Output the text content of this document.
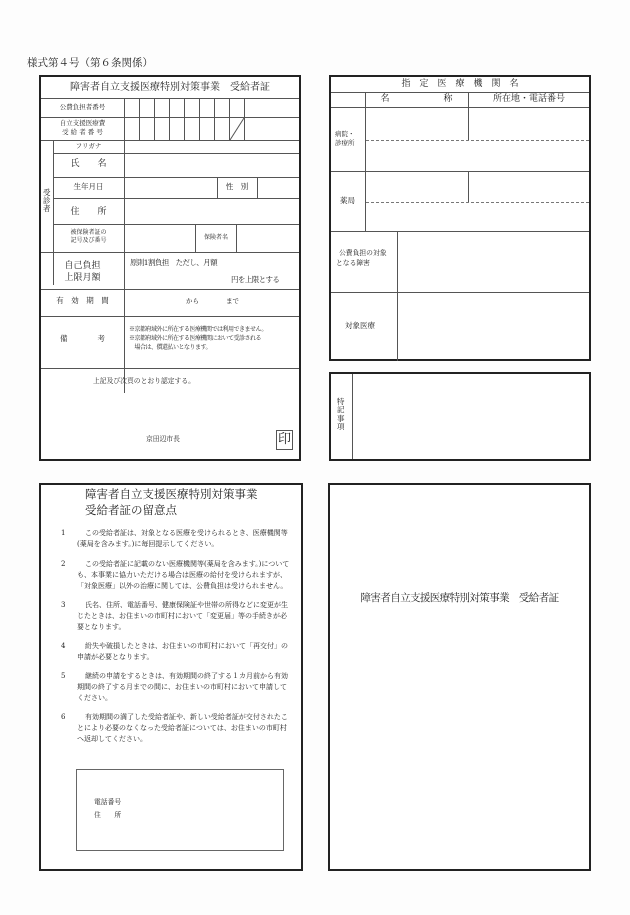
様式第４号（第６条関係）
障害者自立支援医療特別対策事業　受給者証
公費負担者番号
自立支援医療費
受 給 者 番 号
受診者
フリガナ
氏　　名
生年月日	性　別
住　　所
被保険者証の
記号及び番号	保険者名
自己負担
上限月額
原則1割負担　ただし、月額
円を上限とする
有　効　期　間	から	まで
備　　　　考
※京都府域外に所在する医療機関では利用できません。
※京都府域外に所在する医療機関において受診される
　場合は、償還払いとなります。
上記及び次頁のとおり認定する。
京田辺市長	印
指　定　医　療　機　関　名
名　　　　　　称	所在地・電話番号
病院・
診療所
薬局
公費負担の対象
となる障害
対象医療
特記事項
障害者自立支援医療特別対策事業
受給者証の留意点
1	この受給者証は、対象となる医療を受けられるとき、医療機関等(薬局を含みます。)に毎回提示してください。
2	この受給者証に記載のない医療機関等(薬局を含みます。)についても、本事業に協力いただける場合は医療の給付を受けられますが、「対象医療」以外の治療に関しては、公費負担は受けられません。
3	氏名、住所、電話番号、健康保険証や世帯の所得などに変更が生じたときは、お住まいの市町村において「変更届」等の手続きが必要となります。
4	紛失や破損したときは、お住まいの市町村において「再交付」の申請が必要となります。
5	継続の申請をするときは、有効期間の終了する１カ月前から有効期間の終了する月までの間に、お住まいの市町村において申請してください。
6	有効期間の満了した受給者証や、新しい受給者証が交付されたことにより必要のなくなった受給者証については、お住まいの市町村へ返却してください。
電話番号
住　　所
障害者自立支援医療特別対策事業　受給者証
